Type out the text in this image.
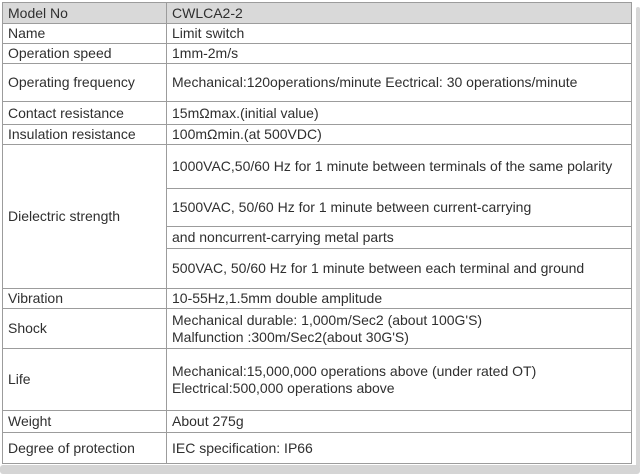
Model No	CWLCA2-2
Name	Limit switch
Operation speed	1mm-2m/s
Operating frequency	Mechanical:120operations/minute Eectrical: 30 operations/minute
Contact resistance	15mΩmax.(initial value)
Insulation resistance	100mΩmin.(at 500VDC)
Dielectric strength	1000VAC,50/60 Hz for 1 minute between terminals of the same polarity
	1500VAC, 50/60 Hz for 1 minute between current-carrying
	and noncurrent-carrying metal parts
	500VAC, 50/60 Hz for 1 minute between each terminal and ground
Vibration	10-55Hz,1.5mm double amplitude
Shock	Mechanical durable: 1,000m/Sec2 (about 100G'S)
Malfunction :300m/Sec2(about 30G'S)

Life	Mechanical:15,000,000 operations above (under rated OT)
Electrical:500,000 operations above

Weight	About 275g
Degree of protection	IEC specification: IP66
